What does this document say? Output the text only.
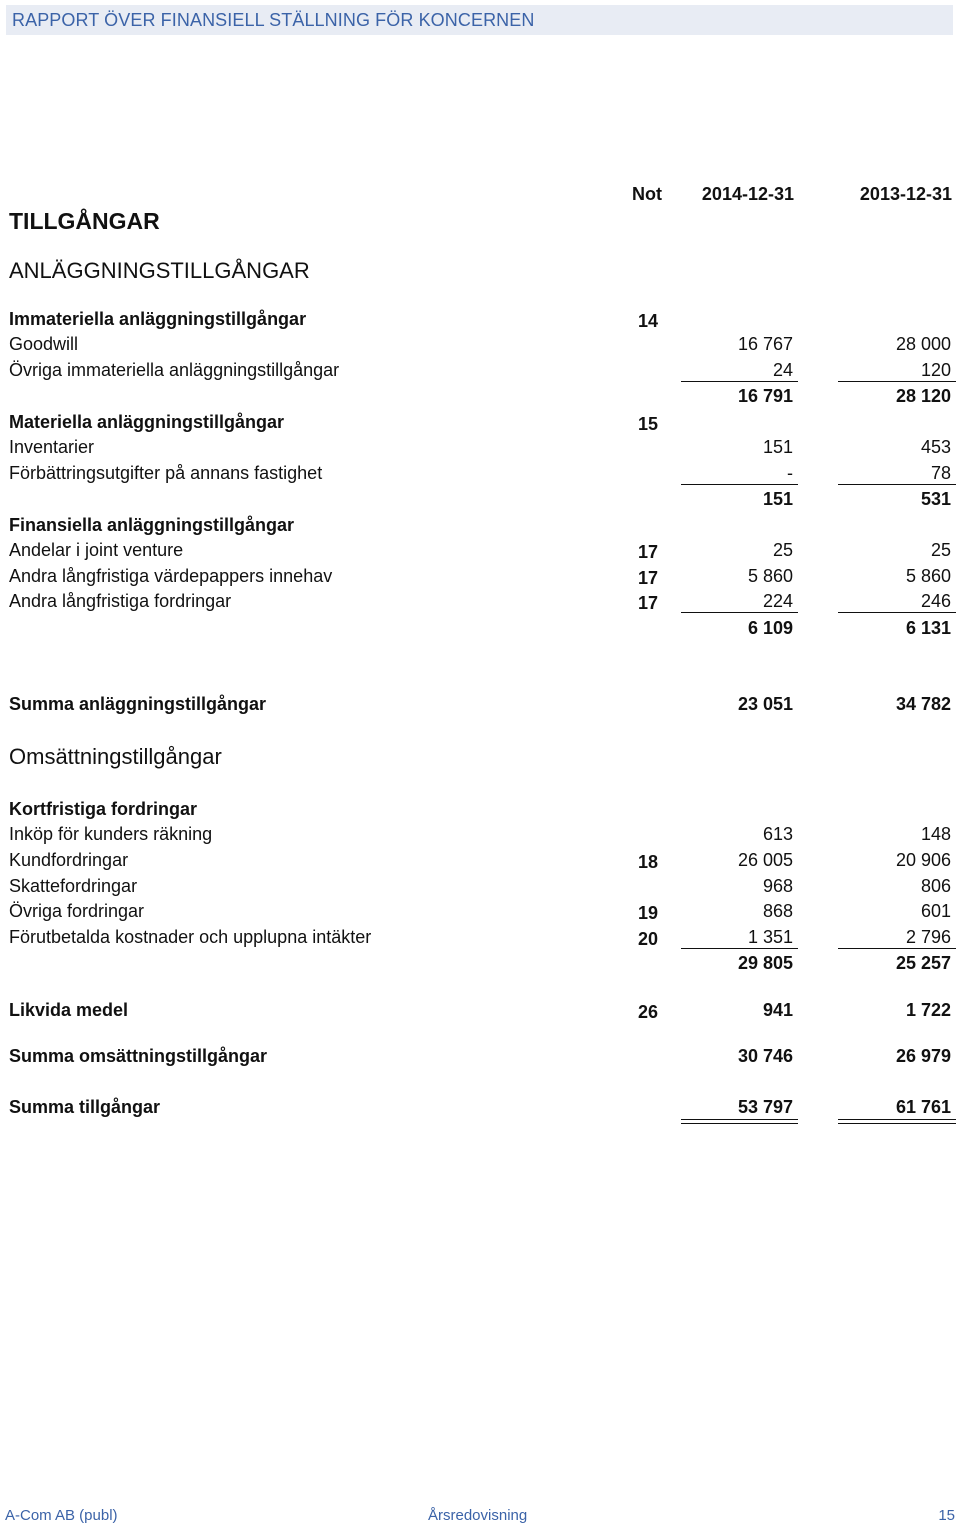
RAPPORT ÖVER FINANSIELL STÄLLNING FÖR KONCERNEN
Not	2014-12-31	2013-12-31
TILLGÅNGAR
ANLÄGGNINGSTILLGÅNGAR
Omsättningstillgångar
Immateriella anläggningstillgångar	14
Goodwill	16 767	28 000
Övriga immateriella anläggningstillgångar	24	120
16 791	28 120
Materiella anläggningstillgångar	15
Inventarier	151	453
Förbättringsutgifter på annans fastighet	-	78
151	531
Finansiella anläggningstillgångar
Andelar i joint venture	17	25	25
Andra långfristiga värdepappers innehav	17	5 860	5 860
Andra långfristiga fordringar	17	224	246
6 109	6 131
Summa anläggningstillgångar	23 051	34 782
Kortfristiga fordringar
Inköp för kunders räkning	613	148
Kundfordringar	18	26 005	20 906
Skattefordringar	968	806
Övriga fordringar	19	868	601
Förutbetalda kostnader och upplupna intäkter	20	1 351	2 796
29 805	25 257
Likvida medel	26	941	1 722
Summa omsättningstillgångar	30 746	26 979
Summa tillgångar	53 797	61 761
A-Com AB (publ)	Årsredovisning	15
